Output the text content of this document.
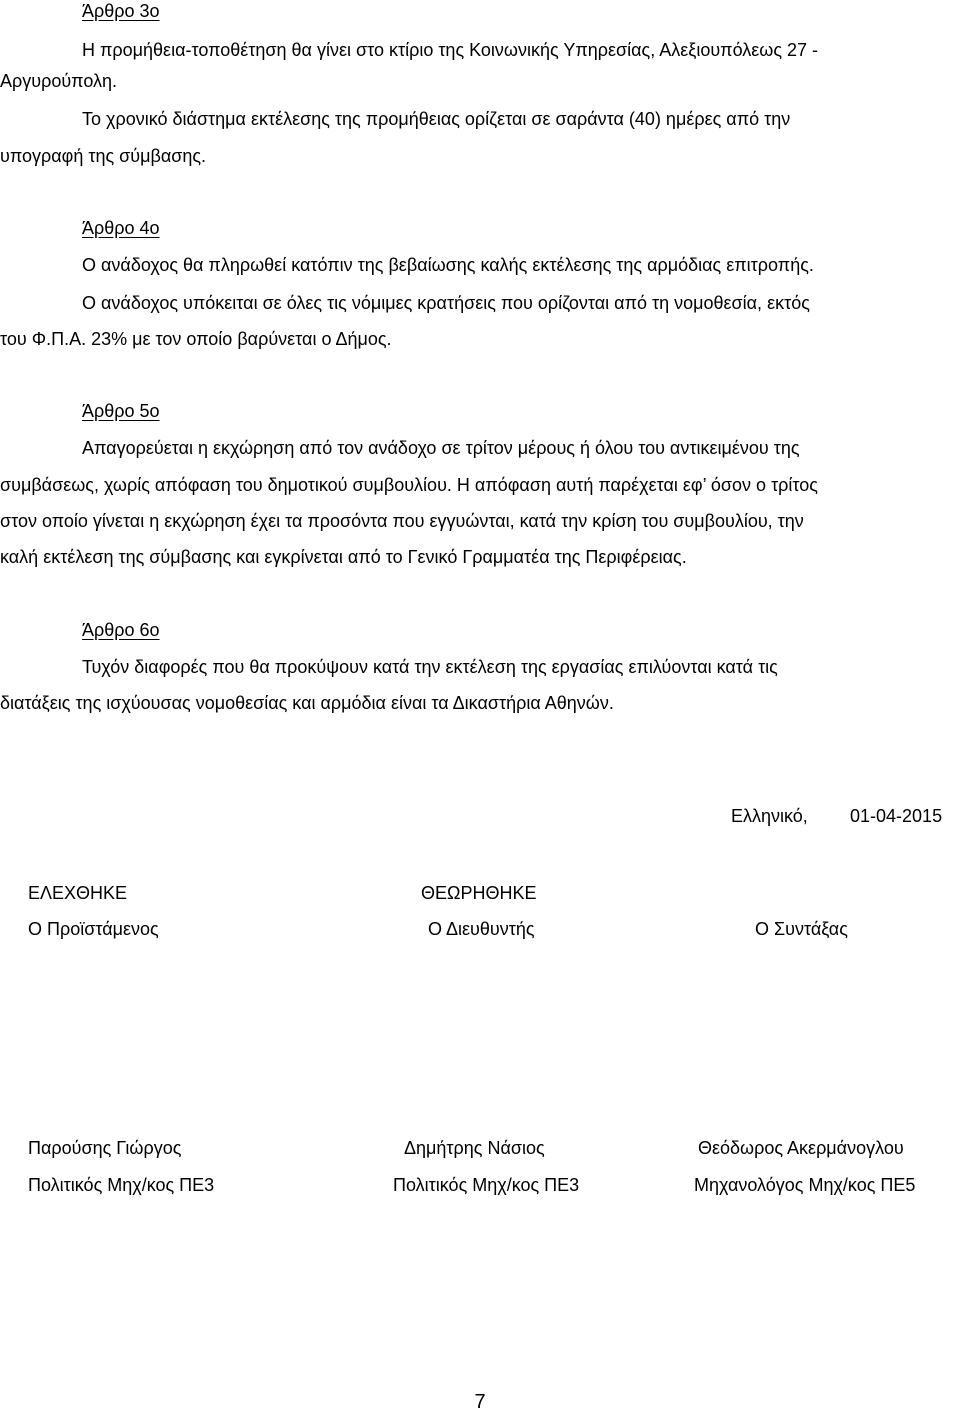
Άρθρο 3ο
Η προμήθεια-τοποθέτηση θα γίνει στο κτίριο της Κοινωνικής Υπηρεσίας, Αλεξιουπόλεως 27 -
Αργυρούπολη.
Το χρονικό διάστημα εκτέλεσης της προμήθειας ορίζεται σε σαράντα (40) ημέρες από την
υπογραφή της σύμβασης.
Άρθρο 4ο
Ο ανάδοχος θα πληρωθεί κατόπιν της βεβαίωσης καλής εκτέλεσης της αρμόδιας επιτροπής.
Ο ανάδοχος υπόκειται σε όλες τις νόμιμες κρατήσεις που ορίζονται από τη νομοθεσία, εκτός
του Φ.Π.Α. 23% με τον οποίο βαρύνεται ο Δήμος.
Άρθρο 5ο
Απαγορεύεται η εκχώρηση από τον ανάδοχο σε τρίτον μέρους ή όλου του αντικειμένου της
συμβάσεως, χωρίς απόφαση του δημοτικού συμβουλίου. Η απόφαση αυτή παρέχεται εφ’ όσον ο τρίτος
στον οποίο γίνεται η εκχώρηση έχει τα προσόντα που εγγυώνται, κατά την κρίση του συμβουλίου, την
καλή εκτέλεση της σύμβασης και εγκρίνεται από το Γενικό Γραμματέα της Περιφέρειας.
Άρθρο 6ο
Τυχόν διαφορές που θα προκύψουν κατά την εκτέλεση της εργασίας επιλύονται κατά τις
διατάξεις της ισχύουσας νομοθεσίας και αρμόδια είναι τα Δικαστήρια Αθηνών.
Ελληνικό, 01-04-2015
ΕΛΕΧΘΗΚΕ	ΘΕΩΡΗΘΗΚΕ
Ο Προϊστάμενος	Ο Διευθυντής	Ο Συντάξας
Παρούσης Γιώργος	Δημήτρης Νάσιος	Θεόδωρος Ακερμάνογλου
Πολιτικός Μηχ/κος ΠΕ3	Πολιτικός Μηχ/κος ΠΕ3	Μηχανολόγος Μηχ/κος ΠΕ5
7
